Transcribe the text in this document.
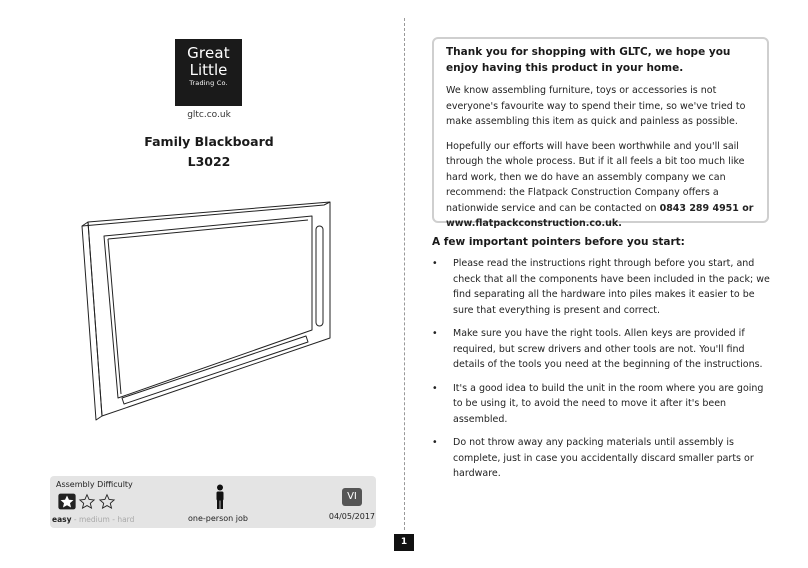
Great
Little
Trading Co.
gltc.co.uk
Family Blackboard
L3022
Assembly Difficulty
easy - medium - hard	one-person job
VI
04/05/2017
1
Thank you for shopping with GLTC, we hope you enjoy having this product in your home.

We know assembling furniture, toys or accessories is not everyone's favourite way to spend their time, so we've tried to make assembling this item as quick and painless as possible.

Hopefully our efforts will have been worthwhile and you'll sail through the whole process. But if it all feels a bit too much like hard work, then we do have an assembly company we can recommend: the Flatpack Construction Company offers a nationwide service and can be contacted on 0843 289 4951 or
www.flatpackconstruction.co.uk.

A few important pointers before you start:
• Please read the instructions right through before you start, and check that all the components have been included in the pack; we find separating all the hardware into piles makes it easier to be sure that everything is present and correct.
• Make sure you have the right tools. Allen keys are provided if required, but screw drivers and other tools are not. You'll find details of the tools you need at the beginning of the instructions.
• It's a good idea to build the unit in the room where you are going to be using it, to avoid the need to move it after it's been assembled.
• Do not throw away any packing materials until assembly is complete, just in case you accidentally discard smaller parts or hardware.
